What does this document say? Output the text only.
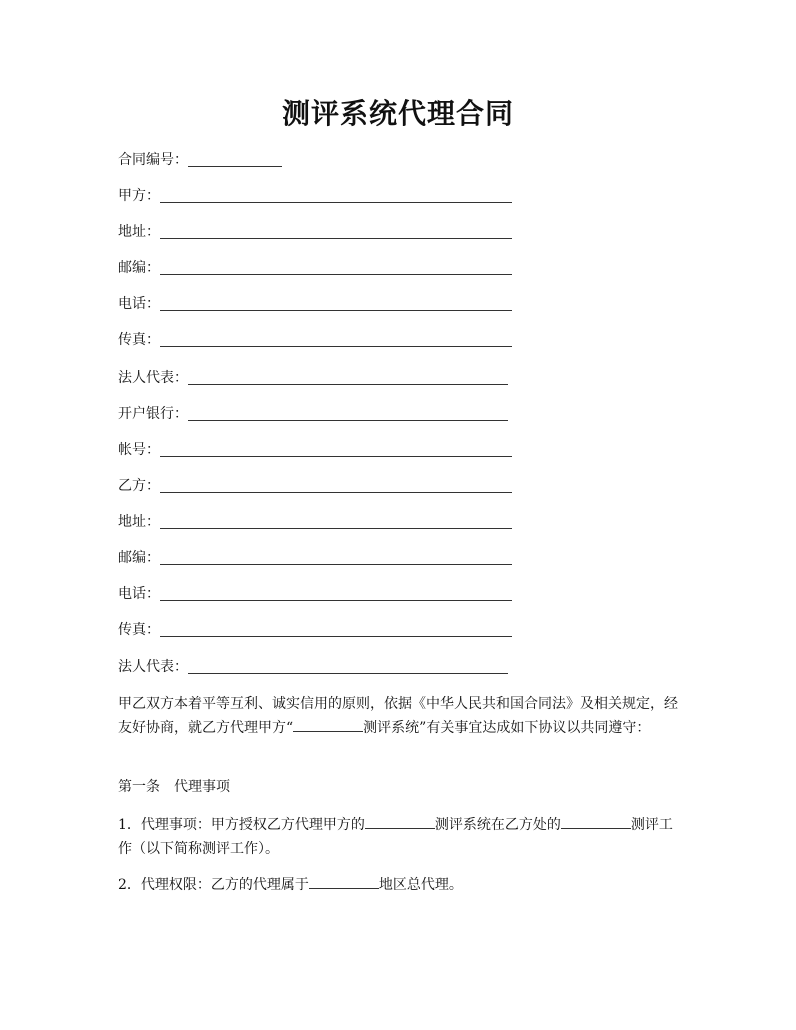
测评系统代理合同
合同编号：
甲方：
地址：
邮编：
电话：
传真：
法人代表：
开户银行：
帐号：
乙方：
地址：
邮编：
电话：
传真：
法人代表：
甲乙双方本着平等互利、诚实信用的原则，依据《中华人民共和国合同法》及相关规定，经友好协商，就乙方代理甲方“	测评系统”有关事宜达成如下协议以共同遵守：
第一条　代理事项
1．代理事项：甲方授权乙方代理甲方的	测评系统在乙方处的	测评工作（以下简称测评工作）。
2．代理权限：乙方的代理属于	地区总代理。
